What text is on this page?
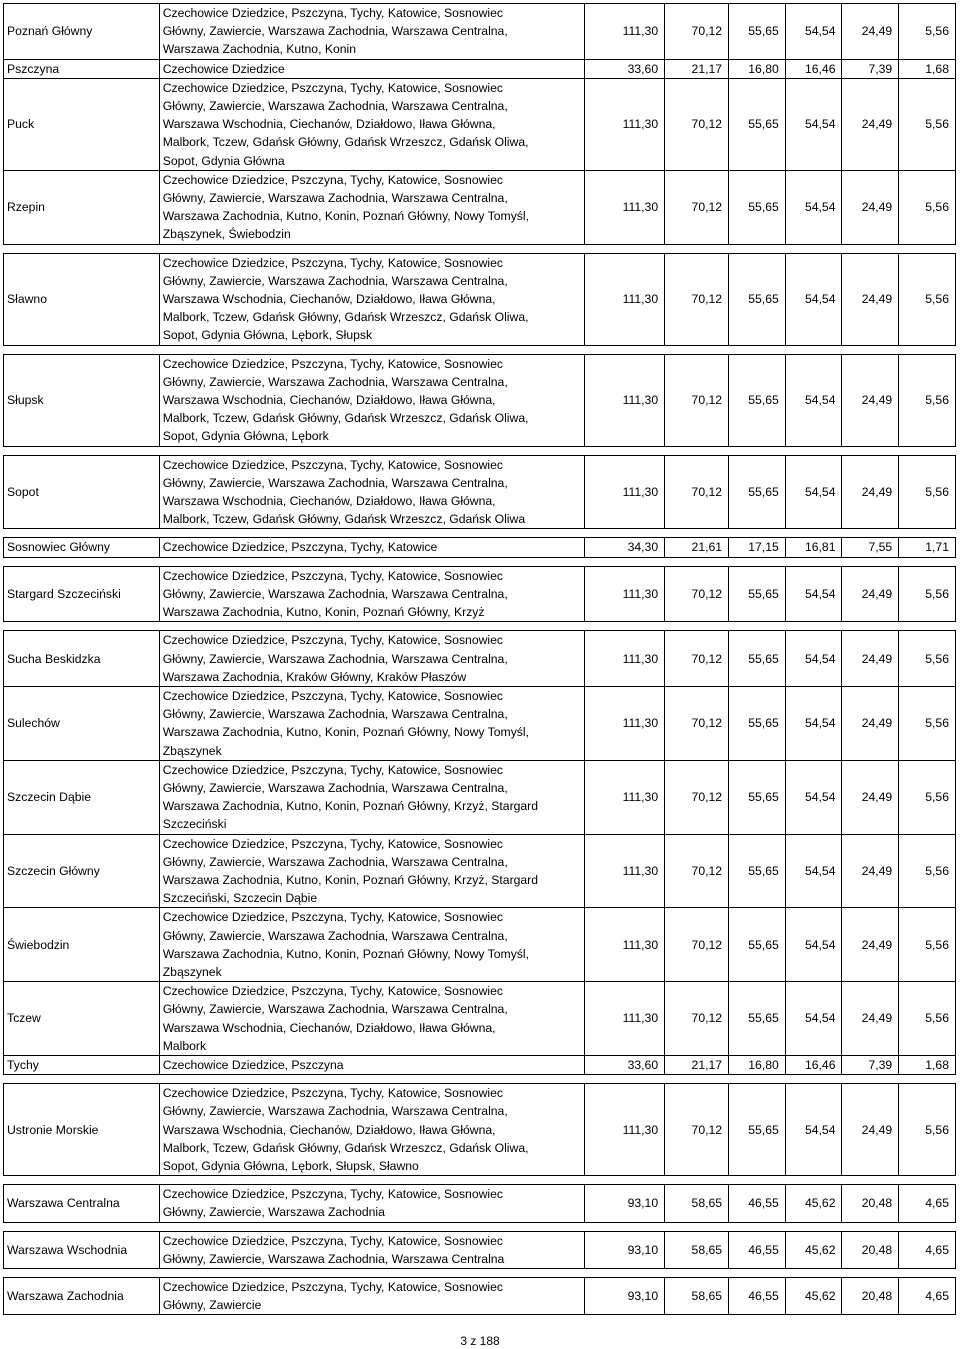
Poznań Główny	Czechowice Dziedzice, Pszczyna, Tychy, Katowice, Sosnowiec
Główny, Zawiercie, Warszawa Zachodnia, Warszawa Centralna,
Warszawa Zachodnia, Kutno, Konin	111,30	70,12	55,65	54,54	24,49	5,56
Pszczyna	Czechowice Dziedzice	33,60	21,17	16,80	16,46	7,39	1,68
Puck	Czechowice Dziedzice, Pszczyna, Tychy, Katowice, Sosnowiec
Główny, Zawiercie, Warszawa Zachodnia, Warszawa Centralna,
Warszawa Wschodnia, Ciechanów, Działdowo, Iława Główna,
Malbork, Tczew, Gdańsk Główny, Gdańsk Wrzeszcz, Gdańsk Oliwa,
Sopot, Gdynia Główna	111,30	70,12	55,65	54,54	24,49	5,56
Rzepin	Czechowice Dziedzice, Pszczyna, Tychy, Katowice, Sosnowiec
Główny, Zawiercie, Warszawa Zachodnia, Warszawa Centralna,
Warszawa Zachodnia, Kutno, Konin, Poznań Główny, Nowy Tomyśl,
Zbąszynek, Świebodzin	111,30	70,12	55,65	54,54	24,49	5,56

Sławno	Czechowice Dziedzice, Pszczyna, Tychy, Katowice, Sosnowiec
Główny, Zawiercie, Warszawa Zachodnia, Warszawa Centralna,
Warszawa Wschodnia, Ciechanów, Działdowo, Iława Główna,
Malbork, Tczew, Gdańsk Główny, Gdańsk Wrzeszcz, Gdańsk Oliwa,
Sopot, Gdynia Główna, Lębork, Słupsk	111,30	70,12	55,65	54,54	24,49	5,56

Słupsk	Czechowice Dziedzice, Pszczyna, Tychy, Katowice, Sosnowiec
Główny, Zawiercie, Warszawa Zachodnia, Warszawa Centralna,
Warszawa Wschodnia, Ciechanów, Działdowo, Iława Główna,
Malbork, Tczew, Gdańsk Główny, Gdańsk Wrzeszcz, Gdańsk Oliwa,
Sopot, Gdynia Główna, Lębork	111,30	70,12	55,65	54,54	24,49	5,56

Sopot	Czechowice Dziedzice, Pszczyna, Tychy, Katowice, Sosnowiec
Główny, Zawiercie, Warszawa Zachodnia, Warszawa Centralna,
Warszawa Wschodnia, Ciechanów, Działdowo, Iława Główna,
Malbork, Tczew, Gdańsk Główny, Gdańsk Wrzeszcz, Gdańsk Oliwa	111,30	70,12	55,65	54,54	24,49	5,56

Sosnowiec Główny	Czechowice Dziedzice, Pszczyna, Tychy, Katowice	34,30	21,61	17,15	16,81	7,55	1,71

Stargard Szczeciński	Czechowice Dziedzice, Pszczyna, Tychy, Katowice, Sosnowiec
Główny, Zawiercie, Warszawa Zachodnia, Warszawa Centralna,
Warszawa Zachodnia, Kutno, Konin, Poznań Główny, Krzyż	111,30	70,12	55,65	54,54	24,49	5,56

Sucha Beskidzka	Czechowice Dziedzice, Pszczyna, Tychy, Katowice, Sosnowiec
Główny, Zawiercie, Warszawa Zachodnia, Warszawa Centralna,
Warszawa Zachodnia, Kraków Główny, Kraków Płaszów	111,30	70,12	55,65	54,54	24,49	5,56
Sulechów	Czechowice Dziedzice, Pszczyna, Tychy, Katowice, Sosnowiec
Główny, Zawiercie, Warszawa Zachodnia, Warszawa Centralna,
Warszawa Zachodnia, Kutno, Konin, Poznań Główny, Nowy Tomyśl,
Zbąszynek	111,30	70,12	55,65	54,54	24,49	5,56
Szczecin Dąbie	Czechowice Dziedzice, Pszczyna, Tychy, Katowice, Sosnowiec
Główny, Zawiercie, Warszawa Zachodnia, Warszawa Centralna,
Warszawa Zachodnia, Kutno, Konin, Poznań Główny, Krzyż, Stargard
Szczeciński	111,30	70,12	55,65	54,54	24,49	5,56
Szczecin Główny	Czechowice Dziedzice, Pszczyna, Tychy, Katowice, Sosnowiec
Główny, Zawiercie, Warszawa Zachodnia, Warszawa Centralna,
Warszawa Zachodnia, Kutno, Konin, Poznań Główny, Krzyż, Stargard
Szczeciński, Szczecin Dąbie	111,30	70,12	55,65	54,54	24,49	5,56
Świebodzin	Czechowice Dziedzice, Pszczyna, Tychy, Katowice, Sosnowiec
Główny, Zawiercie, Warszawa Zachodnia, Warszawa Centralna,
Warszawa Zachodnia, Kutno, Konin, Poznań Główny, Nowy Tomyśl,
Zbąszynek	111,30	70,12	55,65	54,54	24,49	5,56
Tczew	Czechowice Dziedzice, Pszczyna, Tychy, Katowice, Sosnowiec
Główny, Zawiercie, Warszawa Zachodnia, Warszawa Centralna,
Warszawa Wschodnia, Ciechanów, Działdowo, Iława Główna,
Malbork	111,30	70,12	55,65	54,54	24,49	5,56
Tychy	Czechowice Dziedzice, Pszczyna	33,60	21,17	16,80	16,46	7,39	1,68

Ustronie Morskie	Czechowice Dziedzice, Pszczyna, Tychy, Katowice, Sosnowiec
Główny, Zawiercie, Warszawa Zachodnia, Warszawa Centralna,
Warszawa Wschodnia, Ciechanów, Działdowo, Iława Główna,
Malbork, Tczew, Gdańsk Główny, Gdańsk Wrzeszcz, Gdańsk Oliwa,
Sopot, Gdynia Główna, Lębork, Słupsk, Sławno	111,30	70,12	55,65	54,54	24,49	5,56

Warszawa Centralna	Czechowice Dziedzice, Pszczyna, Tychy, Katowice, Sosnowiec
Główny, Zawiercie, Warszawa Zachodnia	93,10	58,65	46,55	45,62	20,48	4,65

Warszawa Wschodnia	Czechowice Dziedzice, Pszczyna, Tychy, Katowice, Sosnowiec
Główny, Zawiercie, Warszawa Zachodnia, Warszawa Centralna	93,10	58,65	46,55	45,62	20,48	4,65

Warszawa Zachodnia	Czechowice Dziedzice, Pszczyna, Tychy, Katowice, Sosnowiec
Główny, Zawiercie	93,10	58,65	46,55	45,62	20,48	4,65
3 z 188
